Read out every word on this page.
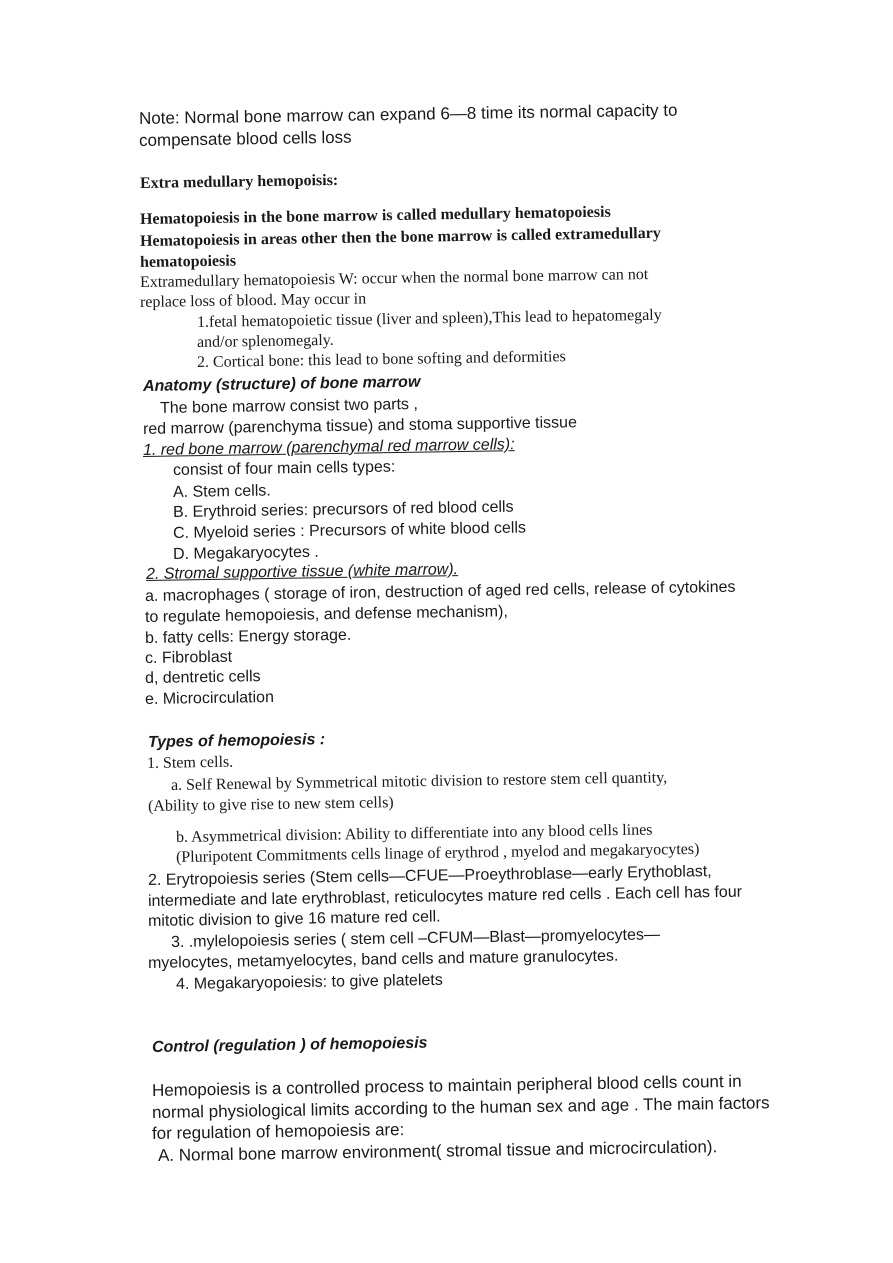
Note: Normal bone marrow can expand 6—8 time its normal capacity to

compensate blood cells loss

Extra medullary hemopoisis:

Hematopoiesis in the bone marrow is called medullary hematopoiesis

Hematopoiesis in areas other then the bone marrow is called extramedullary

hematopoiesis

Extramedullary hematopoiesis W: occur when the normal bone marrow can not

replace loss of blood. May occur in

1.fetal hematopoietic tissue (liver and spleen),This lead to hepatomegaly

and/or splenomegaly.

2. Cortical bone: this lead to bone softing and deformities

Anatomy (structure) of bone marrow

The bone marrow consist two parts ,

red marrow (parenchyma tissue) and stoma supportive tissue

1. red bone marrow (parenchymal red marrow cells):

consist of four main cells types:

A. Stem cells.

B. Erythroid series: precursors of red blood cells

C. Myeloid series : Precursors of white blood cells

D. Megakaryocytes .

2. Stromal supportive tissue (white marrow).

a. macrophages ( storage of iron, destruction of aged red cells, release of cytokines

to regulate hemopoiesis, and defense mechanism),

b. fatty cells: Energy storage.

c. Fibroblast

d, dentretic cells

e. Microcirculation

Types of hemopoiesis :

1. Stem cells.

a. Self Renewal by Symmetrical mitotic division to restore stem cell quantity,

(Ability to give rise to new stem cells)

b. Asymmetrical division: Ability to differentiate into any blood cells lines

(Pluripotent Commitments cells linage of erythrod , myelod and megakaryocytes)

2. Erytropoiesis series (Stem cells—CFUE—Proeythroblase—early Erythoblast,

intermediate and late erythroblast, reticulocytes mature red cells . Each cell has four

mitotic division to give 16 mature red cell.

3. .mylelopoiesis series ( stem cell –CFUM—Blast—promyelocytes—

myelocytes, metamyelocytes, band cells and mature granulocytes.

4. Megakaryopoiesis: to give platelets

Control (regulation ) of hemopoiesis

Hemopoiesis is a controlled process to maintain peripheral blood cells count in

normal physiological limits according to the human sex and age . The main factors

for regulation of hemopoiesis are:

A. Normal bone marrow environment( stromal tissue and microcirculation).
